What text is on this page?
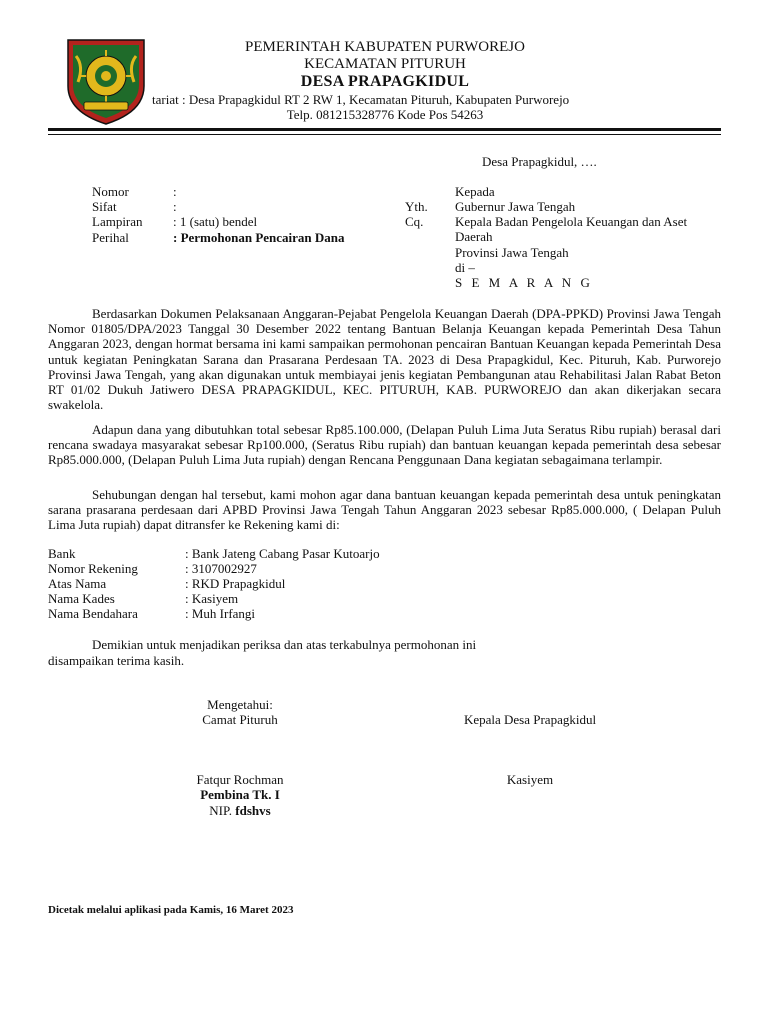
PEMERINTAH KABUPATEN PURWOREJO
KECAMATAN PITURUH
DESA PRAPAGKIDUL
tariat : Desa Prapagkidul RT 2 RW 1, Kecamatan Pituruh, Kabupaten Purworejo
Telp. 081215328776 Kode Pos 54263
Desa Prapagkidul, ….
Nomor	:
Sifat	:
Lampiran : 1 (satu) bendel
Perihal	: Permohonan Pencairan Dana
Kepada
Yth. Gubernur Jawa Tengah
Cq. Kepala Badan Pengelola Keuangan dan Aset Daerah
Provinsi Jawa Tengah
di –
S E M A R A N G
Berdasarkan Dokumen Pelaksanaan Anggaran-Pejabat Pengelola Keuangan Daerah (DPA-PPKD) Provinsi Jawa Tengah Nomor 01805/DPA/2023 Tanggal 30 Desember 2022 tentang Bantuan Belanja Keuangan kepada Pemerintah Desa Tahun Anggaran 2023, dengan hormat bersama ini kami sampaikan permohonan pencairan Bantuan Keuangan kepada Pemerintah Desa untuk kegiatan Peningkatan Sarana dan Prasarana Perdesaan TA. 2023 di Desa Prapagkidul, Kec. Pituruh, Kab. Purworejo Provinsi Jawa Tengah, yang akan digunakan untuk membiayai jenis kegiatan Pembangunan atau Rehabilitasi Jalan Rabat Beton RT 01/02 Dukuh Jatiwero DESA PRAPAGKIDUL, KEC. PITURUH, KAB. PURWOREJO dan akan dikerjakan secara swakelola.
Adapun dana yang dibutuhkan total sebesar Rp85.100.000, (Delapan Puluh Lima Juta Seratus Ribu rupiah) berasal dari rencana swadaya masyarakat sebesar Rp100.000, (Seratus Ribu rupiah) dan bantuan keuangan kepada pemerintah desa sebesar Rp85.000.000, (Delapan Puluh Lima Juta rupiah) dengan Rencana Penggunaan Dana kegiatan sebagaimana terlampir.
Sehubungan dengan hal tersebut, kami mohon agar dana bantuan keuangan kepada pemerintah desa untuk peningkatan sarana prasarana perdesaan dari APBD Provinsi Jawa Tengah Tahun Anggaran 2023 sebesar Rp85.000.000, ( Delapan Puluh Lima Juta rupiah) dapat ditransfer ke Rekening kami di:
Bank	: Bank Jateng Cabang Pasar Kutoarjo
Nomor Rekening	: 3107002927
Atas Nama	: RKD Prapagkidul
Nama Kades	: Kasiyem
Nama Bendahara	: Muh Irfangi
Demikian untuk menjadikan periksa dan atas terkabulnya permohonan ini
disampaikan terima kasih.
Mengetahui:
Camat Pituruh	Kepala Desa Prapagkidul
Fatqur Rochman	Kasiyem
Pembina Tk. I
NIP. fdshvs
Dicetak melalui aplikasi pada Kamis, 16 Maret 2023
